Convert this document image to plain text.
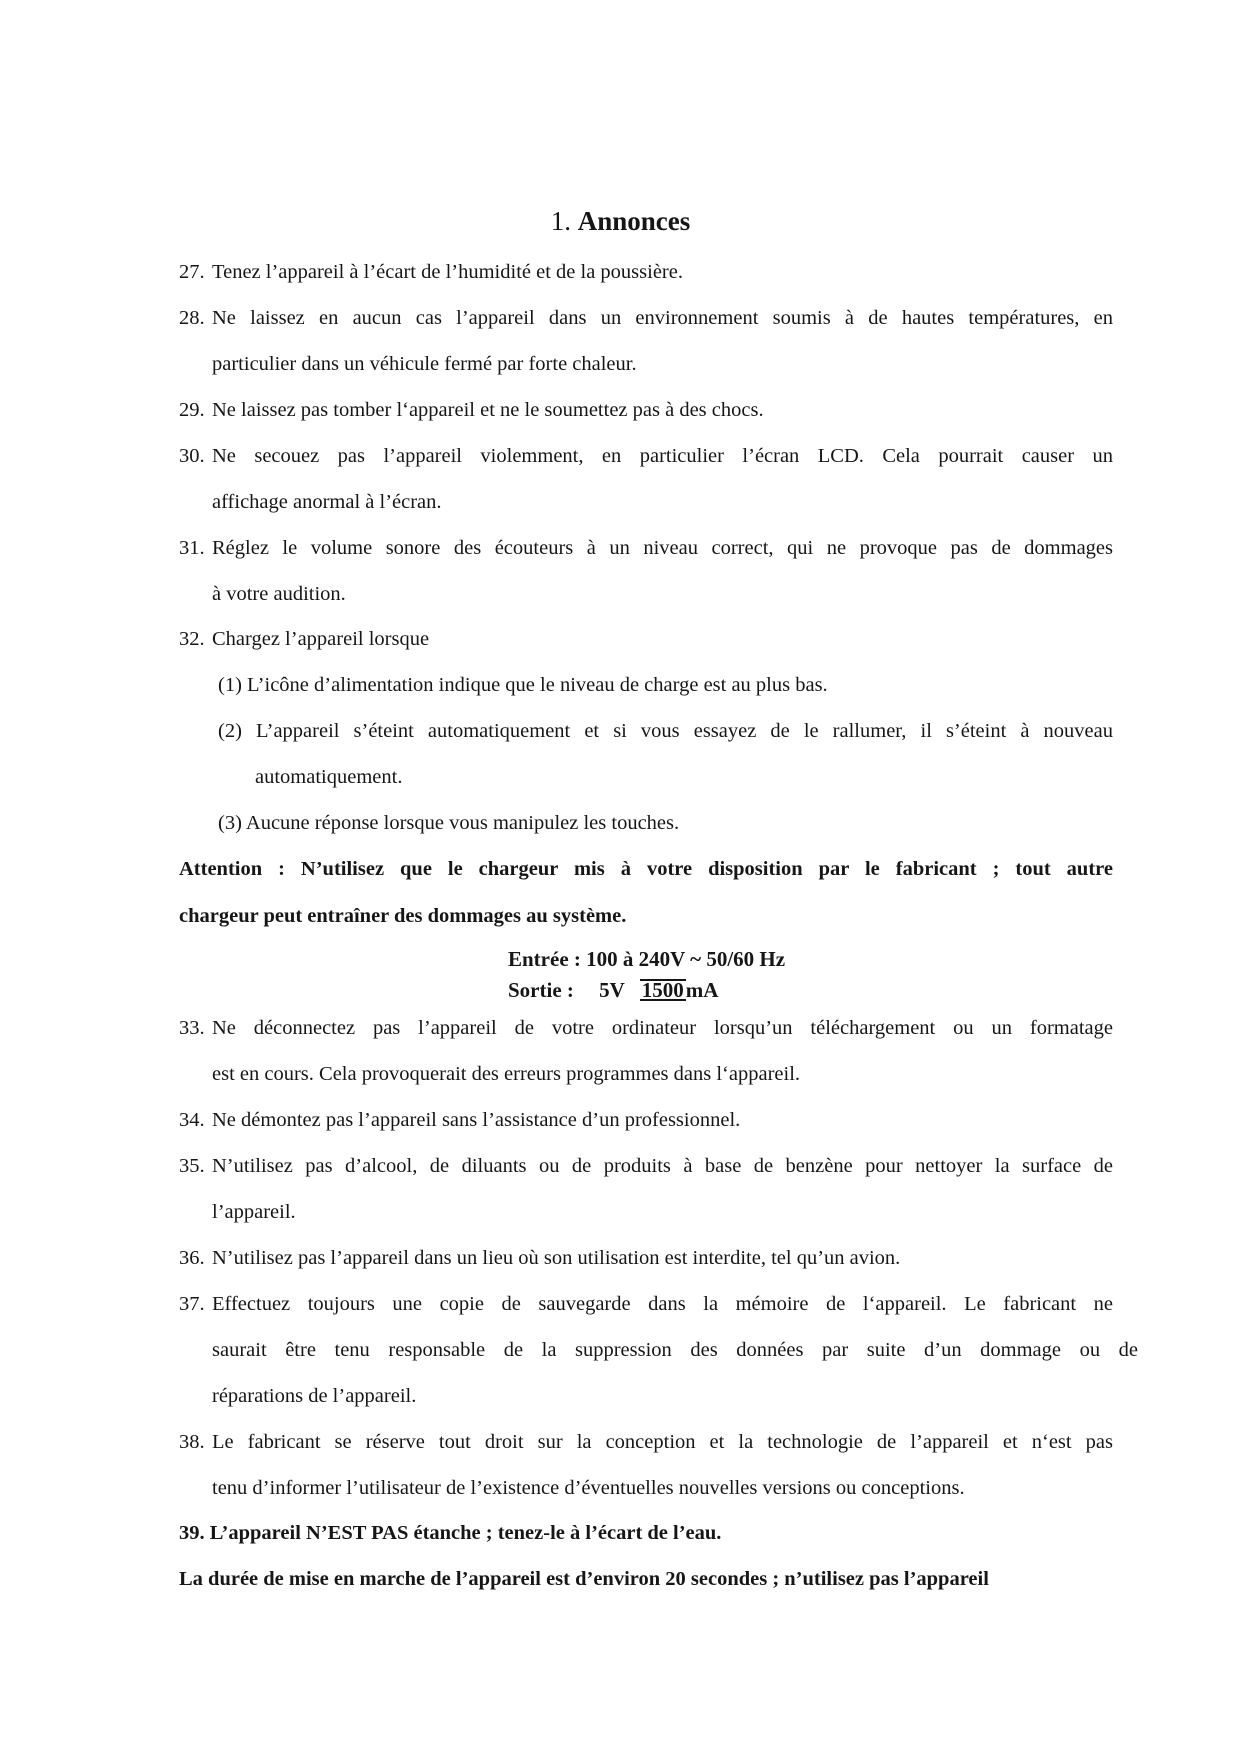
1. Annonces
27. Tenez l’appareil à l’écart de l’humidité et de la poussière.
28. Ne laissez en aucun cas l’appareil dans un environnement soumis à de hautes températures, en
particulier dans un véhicule fermé par forte chaleur.
29. Ne laissez pas tomber l‘appareil et ne le soumettez pas à des chocs.
30. Ne secouez pas l’appareil violemment, en particulier l’écran LCD. Cela pourrait causer un
affichage anormal à l’écran.
31. Réglez le volume sonore des écouteurs à un niveau correct, qui ne provoque pas de dommages
à votre audition.
32. Chargez l’appareil lorsque
(1) L’icône d’alimentation indique que le niveau de charge est au plus bas.
(2) L’appareil s’éteint automatiquement et si vous essayez de le rallumer, il s’éteint à nouveau
automatiquement.
(3) Aucune réponse lorsque vous manipulez les touches.
Attention : N’utilisez que le chargeur mis à votre disposition par le fabricant ; tout autre
chargeur peut entraîner des dommages au système.
Entrée : 100 à 240V ~ 50/60 Hz
Sortie : 5V 1500mA
33. Ne déconnectez pas l’appareil de votre ordinateur lorsqu’un téléchargement ou un formatage
est en cours. Cela provoquerait des erreurs programmes dans l‘appareil.
34. Ne démontez pas l’appareil sans l’assistance d’un professionnel.
35. N’utilisez pas d’alcool, de diluants ou de produits à base de benzène pour nettoyer la surface de
l’appareil.
36. N’utilisez pas l’appareil dans un lieu où son utilisation est interdite, tel qu’un avion.
37. Effectuez toujours une copie de sauvegarde dans la mémoire de l‘appareil. Le fabricant ne
saurait être tenu responsable de la suppression des données par suite d’un dommage ou de
réparations de l’appareil.
38. Le fabricant se réserve tout droit sur la conception et la technologie de l’appareil et n‘est pas
tenu d’informer l’utilisateur de l’existence d’éventuelles nouvelles versions ou conceptions.
39. L’appareil N’EST PAS étanche ; tenez-le à l’écart de l’eau.
La durée de mise en marche de l’appareil est d’environ 20 secondes ; n’utilisez pas l’appareil
